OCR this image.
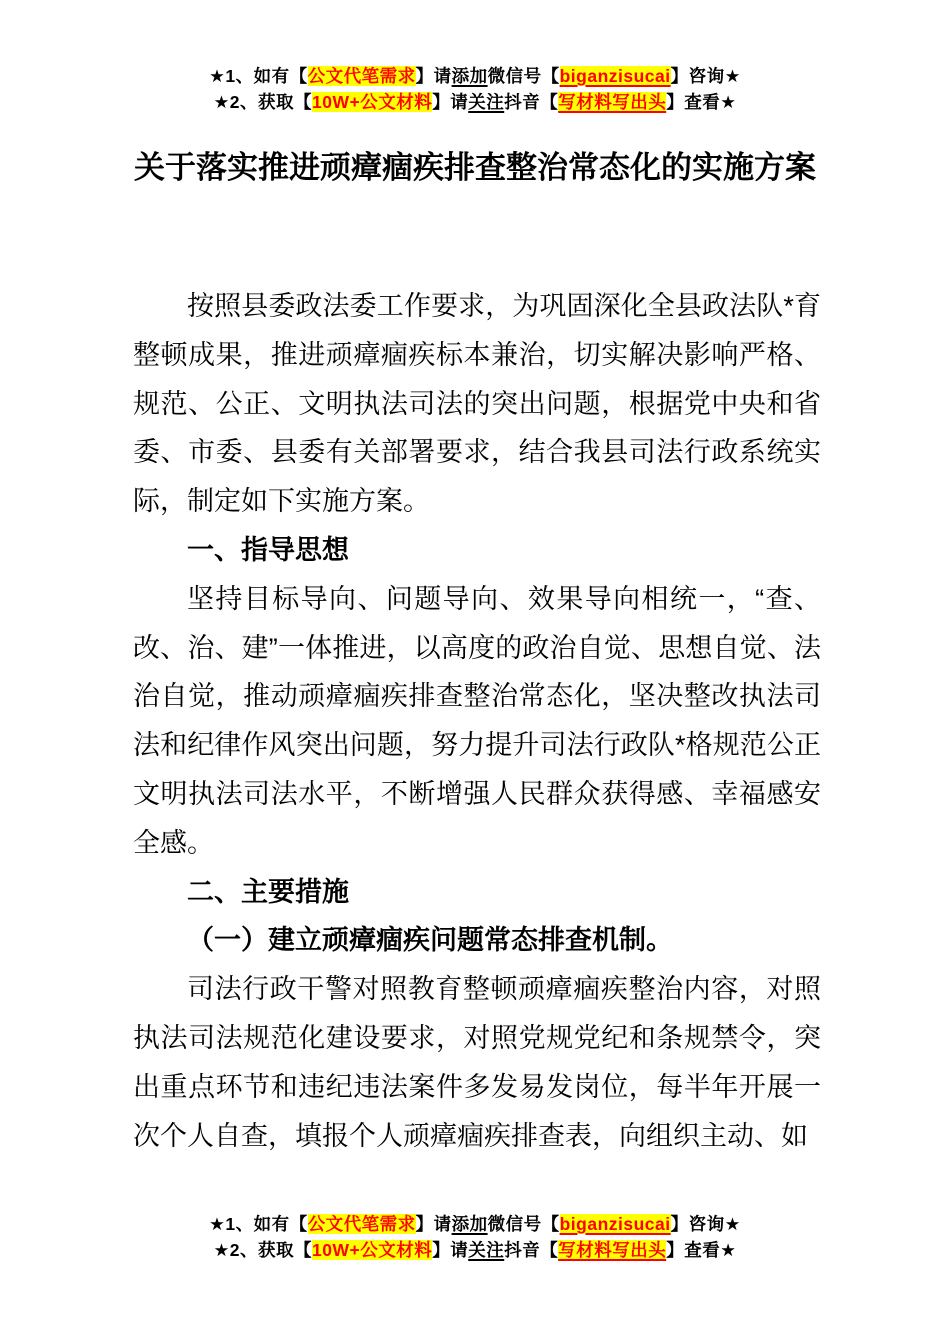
★1、如有【公文代笔需求】请添加微信号【biganzisucai】咨询★

★2、获取【10W+公文材料】请关注抖音【写材料写出头】查看★

关于落实推进顽瘴痼疾排查整治常态化的实施方案

按照县委政法委工作要求，为巩固深化全县政法队*育整顿成果，推进顽瘴痼疾标本兼治，切实解决影响严格、规范、公正、文明执法司法的突出问题，根据党中央和省委、市委、县委有关部署要求，结合我县司法行政系统实际，制定如下实施方案。

一、指导思想

坚持目标导向、问题导向、效果导向相统一，“查、改、治、建”一体推进，以高度的政治自觉、思想自觉、法治自觉，推动顽瘴痼疾排查整治常态化，坚决整改执法司法和纪律作风突出问题，努力提升司法行政队*格规范公正文明执法司法水平，不断增强人民群众获得感、幸福感安全感。

二、主要措施

（一）建立顽瘴痼疾问题常态排查机制。

司法行政干警对照教育整顿顽瘴痼疾整治内容，对照执法司法规范化建设要求，对照党规党纪和条规禁令，突出重点环节和违纪违法案件多发易发岗位，每半年开展一次个人自查，填报个人顽瘴痼疾排查表，向组织主动、如

★1、如有【公文代笔需求】请添加微信号【biganzisucai】咨询★

★2、获取【10W+公文材料】请关注抖音【写材料写出头】查看★
